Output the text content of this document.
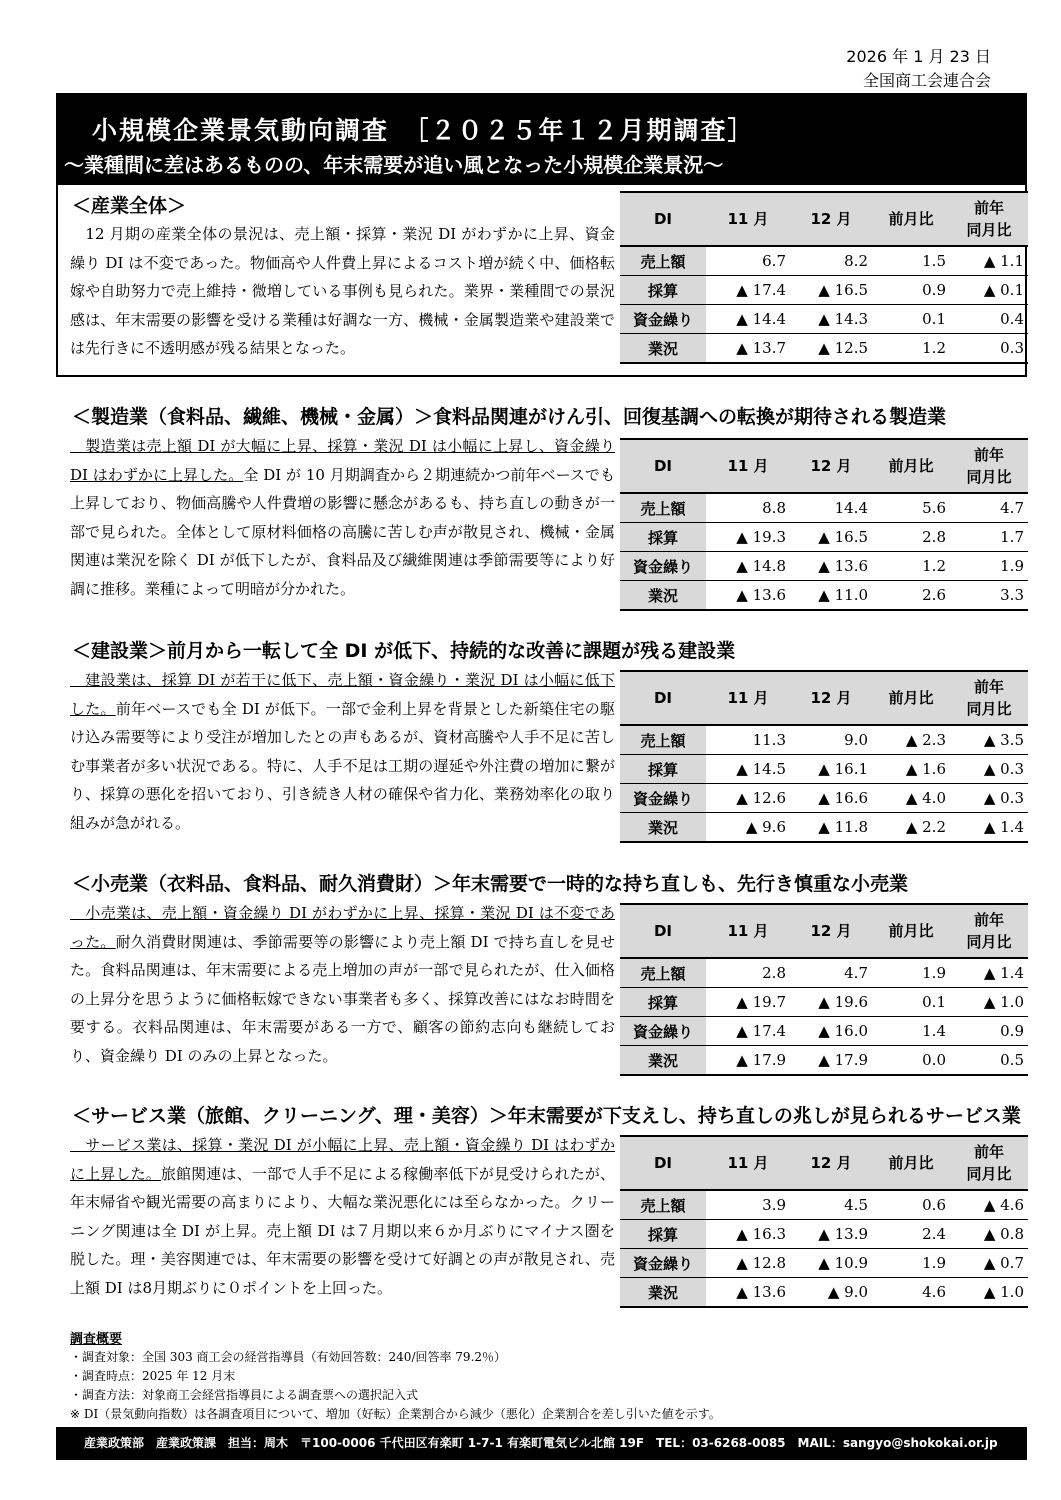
2026 年 1 月 23 日
全国商工会連合会
小規模企業景気動向調査　［２０２５年１２月期調査］
～業種間に差はあるものの、年末需要が追い風となった小規模企業景況～
＜産業全体＞
　12 月期の産業全体の景況は、売上額・採算・業況 DI がわずかに上昇、資金繰り DI は不変であった。物価高や人件費上昇によるコスト増が続く中、価格転嫁や自助努力で売上維持・微増している事例も見られた。業界・業種間での景況感は、年末需要の影響を受ける業種は好調な一方、機械・金属製造業や建設業では先行きに不透明感が残る結果となった。
DI	11 月	12 月	前月比	前年
同月比
売上額	6.7	8.2	1.5	▲ 1.1
採算	▲ 17.4	▲ 16.5	0.9	▲ 0.1
資金繰り	▲ 14.4	▲ 14.3	0.1	0.4
業況	▲ 13.7	▲ 12.5	1.2	0.3
＜製造業（食料品、繊維、機械・金属）＞食料品関連がけん引、回復基調への転換が期待される製造業
　製造業は売上額 DI が大幅に上昇、採算・業況 DI は小幅に上昇し、資金繰り DI はわずかに上昇した。全 DI が 10 月期調査から２期連続かつ前年ベースでも上昇しており、物価高騰や人件費増の影響に懸念があるも、持ち直しの動きが一部で見られた。全体として原材料価格の高騰に苦しむ声が散見され、機械・金属関連は業況を除く DI が低下したが、食料品及び繊維関連は季節需要等により好調に推移。業種によって明暗が分かれた。
DI	11 月	12 月	前月比	前年
同月比
売上額	8.8	14.4	5.6	4.7
採算	▲ 19.3	▲ 16.5	2.8	1.7
資金繰り	▲ 14.8	▲ 13.6	1.2	1.9
業況	▲ 13.6	▲ 11.0	2.6	3.3
＜建設業＞前月から一転して全 DI が低下、持続的な改善に課題が残る建設業
　建設業は、採算 DI が若干に低下、売上額・資金繰り・業況 DI は小幅に低下した。前年ベースでも全 DI が低下。一部で金利上昇を背景とした新築住宅の駆け込み需要等により受注が増加したとの声もあるが、資材高騰や人手不足に苦しむ事業者が多い状況である。特に、人手不足は工期の遅延や外注費の増加に繋がり、採算の悪化を招いており、引き続き人材の確保や省力化、業務効率化の取り組みが急がれる。
DI	11 月	12 月	前月比	前年
同月比
売上額	11.3	9.0	▲ 2.3	▲ 3.5
採算	▲ 14.5	▲ 16.1	▲ 1.6	▲ 0.3
資金繰り	▲ 12.6	▲ 16.6	▲ 4.0	▲ 0.3
業況	▲ 9.6	▲ 11.8	▲ 2.2	▲ 1.4
＜小売業（衣料品、食料品、耐久消費財）＞年末需要で一時的な持ち直しも、先行き慎重な小売業
　小売業は、売上額・資金繰り DI がわずかに上昇、採算・業況 DI は不変であった。耐久消費財関連は、季節需要等の影響により売上額 DI で持ち直しを見せた。食料品関連は、年末需要による売上増加の声が一部で見られたが、仕入価格の上昇分を思うように価格転嫁できない事業者も多く、採算改善にはなお時間を要する。衣料品関連は、年末需要がある一方で、顧客の節約志向も継続しており、資金繰り DI のみの上昇となった。
DI	11 月	12 月	前月比	前年
同月比
売上額	2.8	4.7	1.9	▲ 1.4
採算	▲ 19.7	▲ 19.6	0.1	▲ 1.0
資金繰り	▲ 17.4	▲ 16.0	1.4	0.9
業況	▲ 17.9	▲ 17.9	0.0	0.5
＜サービス業（旅館、クリーニング、理・美容）＞年末需要が下支えし、持ち直しの兆しが見られるサービス業
　サービス業は、採算・業況 DI が小幅に上昇、売上額・資金繰り DI はわずかに上昇した。旅館関連は、一部で人手不足による稼働率低下が見受けられたが、年末帰省や観光需要の高まりにより、大幅な業況悪化には至らなかった。クリーニング関連は全 DI が上昇。売上額 DI は７月期以来６か月ぶりにマイナス圏を脱した。理・美容関連では、年末需要の影響を受けて好調との声が散見され、売上額 DI は8月期ぶりに０ポイントを上回った。
DI	11 月	12 月	前月比	前年
同月比
売上額	3.9	4.5	0.6	▲ 4.6
採算	▲ 16.3	▲ 13.9	2.4	▲ 0.8
資金繰り	▲ 12.8	▲ 10.9	1.9	▲ 0.7
業況	▲ 13.6	▲ 9.0	4.6	▲ 1.0
調査概要
・調査対象：全国 303 商工会の経営指導員（有効回答数：240/回答率 79.2％）
・調査時点：2025 年 12 月末
・調査方法：対象商工会経営指導員による調査票への選択記入式
※ DI（景気動向指数）は各調査項目について、増加（好転）企業割合から減少（悪化）企業割合を差し引いた値を示す。
産業政策部　産業政策課　担当：周木　〒100-0006 千代田区有楽町 1-7-1 有楽町電気ビル北館 19F　TEL：03-6268-0085　MAIL：sangyo@shokokai.or.jp
